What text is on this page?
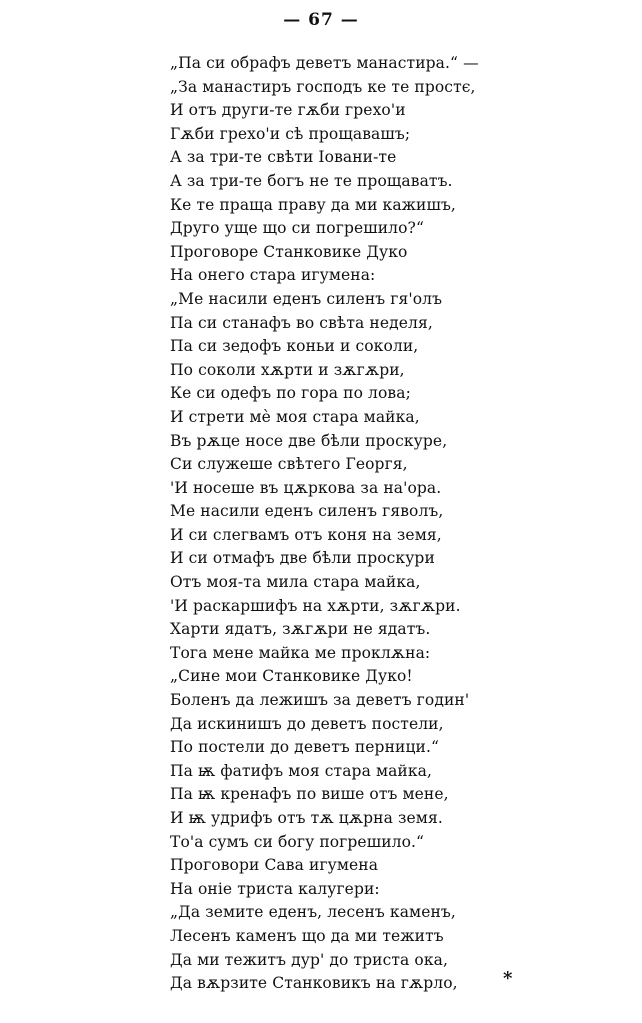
— 67 —
„Па си обрафъ деветъ манастира.“ —
„За манастиръ господъ ке те простє,
И отъ други-те гѫби грехо'и
Гѫби грехо'и сѣ прощавашъ;
А за три-те свѣти Іовани-те
А за три-те богъ не те прощаватъ.
Ке те праща праву да ми кажишъ,
Друго уще що си погрешило?“
Проговоре Станковике Дуко
На онего стара игумена:
„Ме насили еденъ силенъ гя'олъ
Па си станафъ во свѣта неделя,
Па си зедофъ коньи и соколи,
По соколи хѫрти и зѫгѫри,
Ке си одефъ по гора по лова;
И стрети мѐ моя стара майка,
Въ рѫце носе две бѣли проскуре,
Си служеше свѣтего Георгя,
'И носеше въ цѫркова за на'ора.
Ме насили еденъ силенъ гяволъ,
И си слегвамъ отъ коня на земя,
И си отмафъ две бѣли проскури
Отъ моя-та мила стара майка,
'И раскаршифъ на хѫрти, зѫгѫри.
Харти ядатъ, зѫгѫри не ядатъ.
Тога мене майка ме проклѫна:
„Сине мои Станковике Дуко!
Боленъ да лежишъ за деветъ годин'
Да искинишъ до деветъ постели,
По постели до деветъ перници.“
Па ѭ фатифъ моя стара майка,
Па ѭ кренафъ по више отъ мене,
И ѭ удрифъ отъ тѫ цѫрна земя.
То'а сумъ си богу погрешило.“
Проговори Сава игумена
На оніе триста калугери:
„Да земите еденъ, лесенъ каменъ,
Лесенъ каменъ що да ми тежитъ
Да ми тежитъ дур' до триста ока,
Да вѫрзите Станковикъ на гѫрло,	*
